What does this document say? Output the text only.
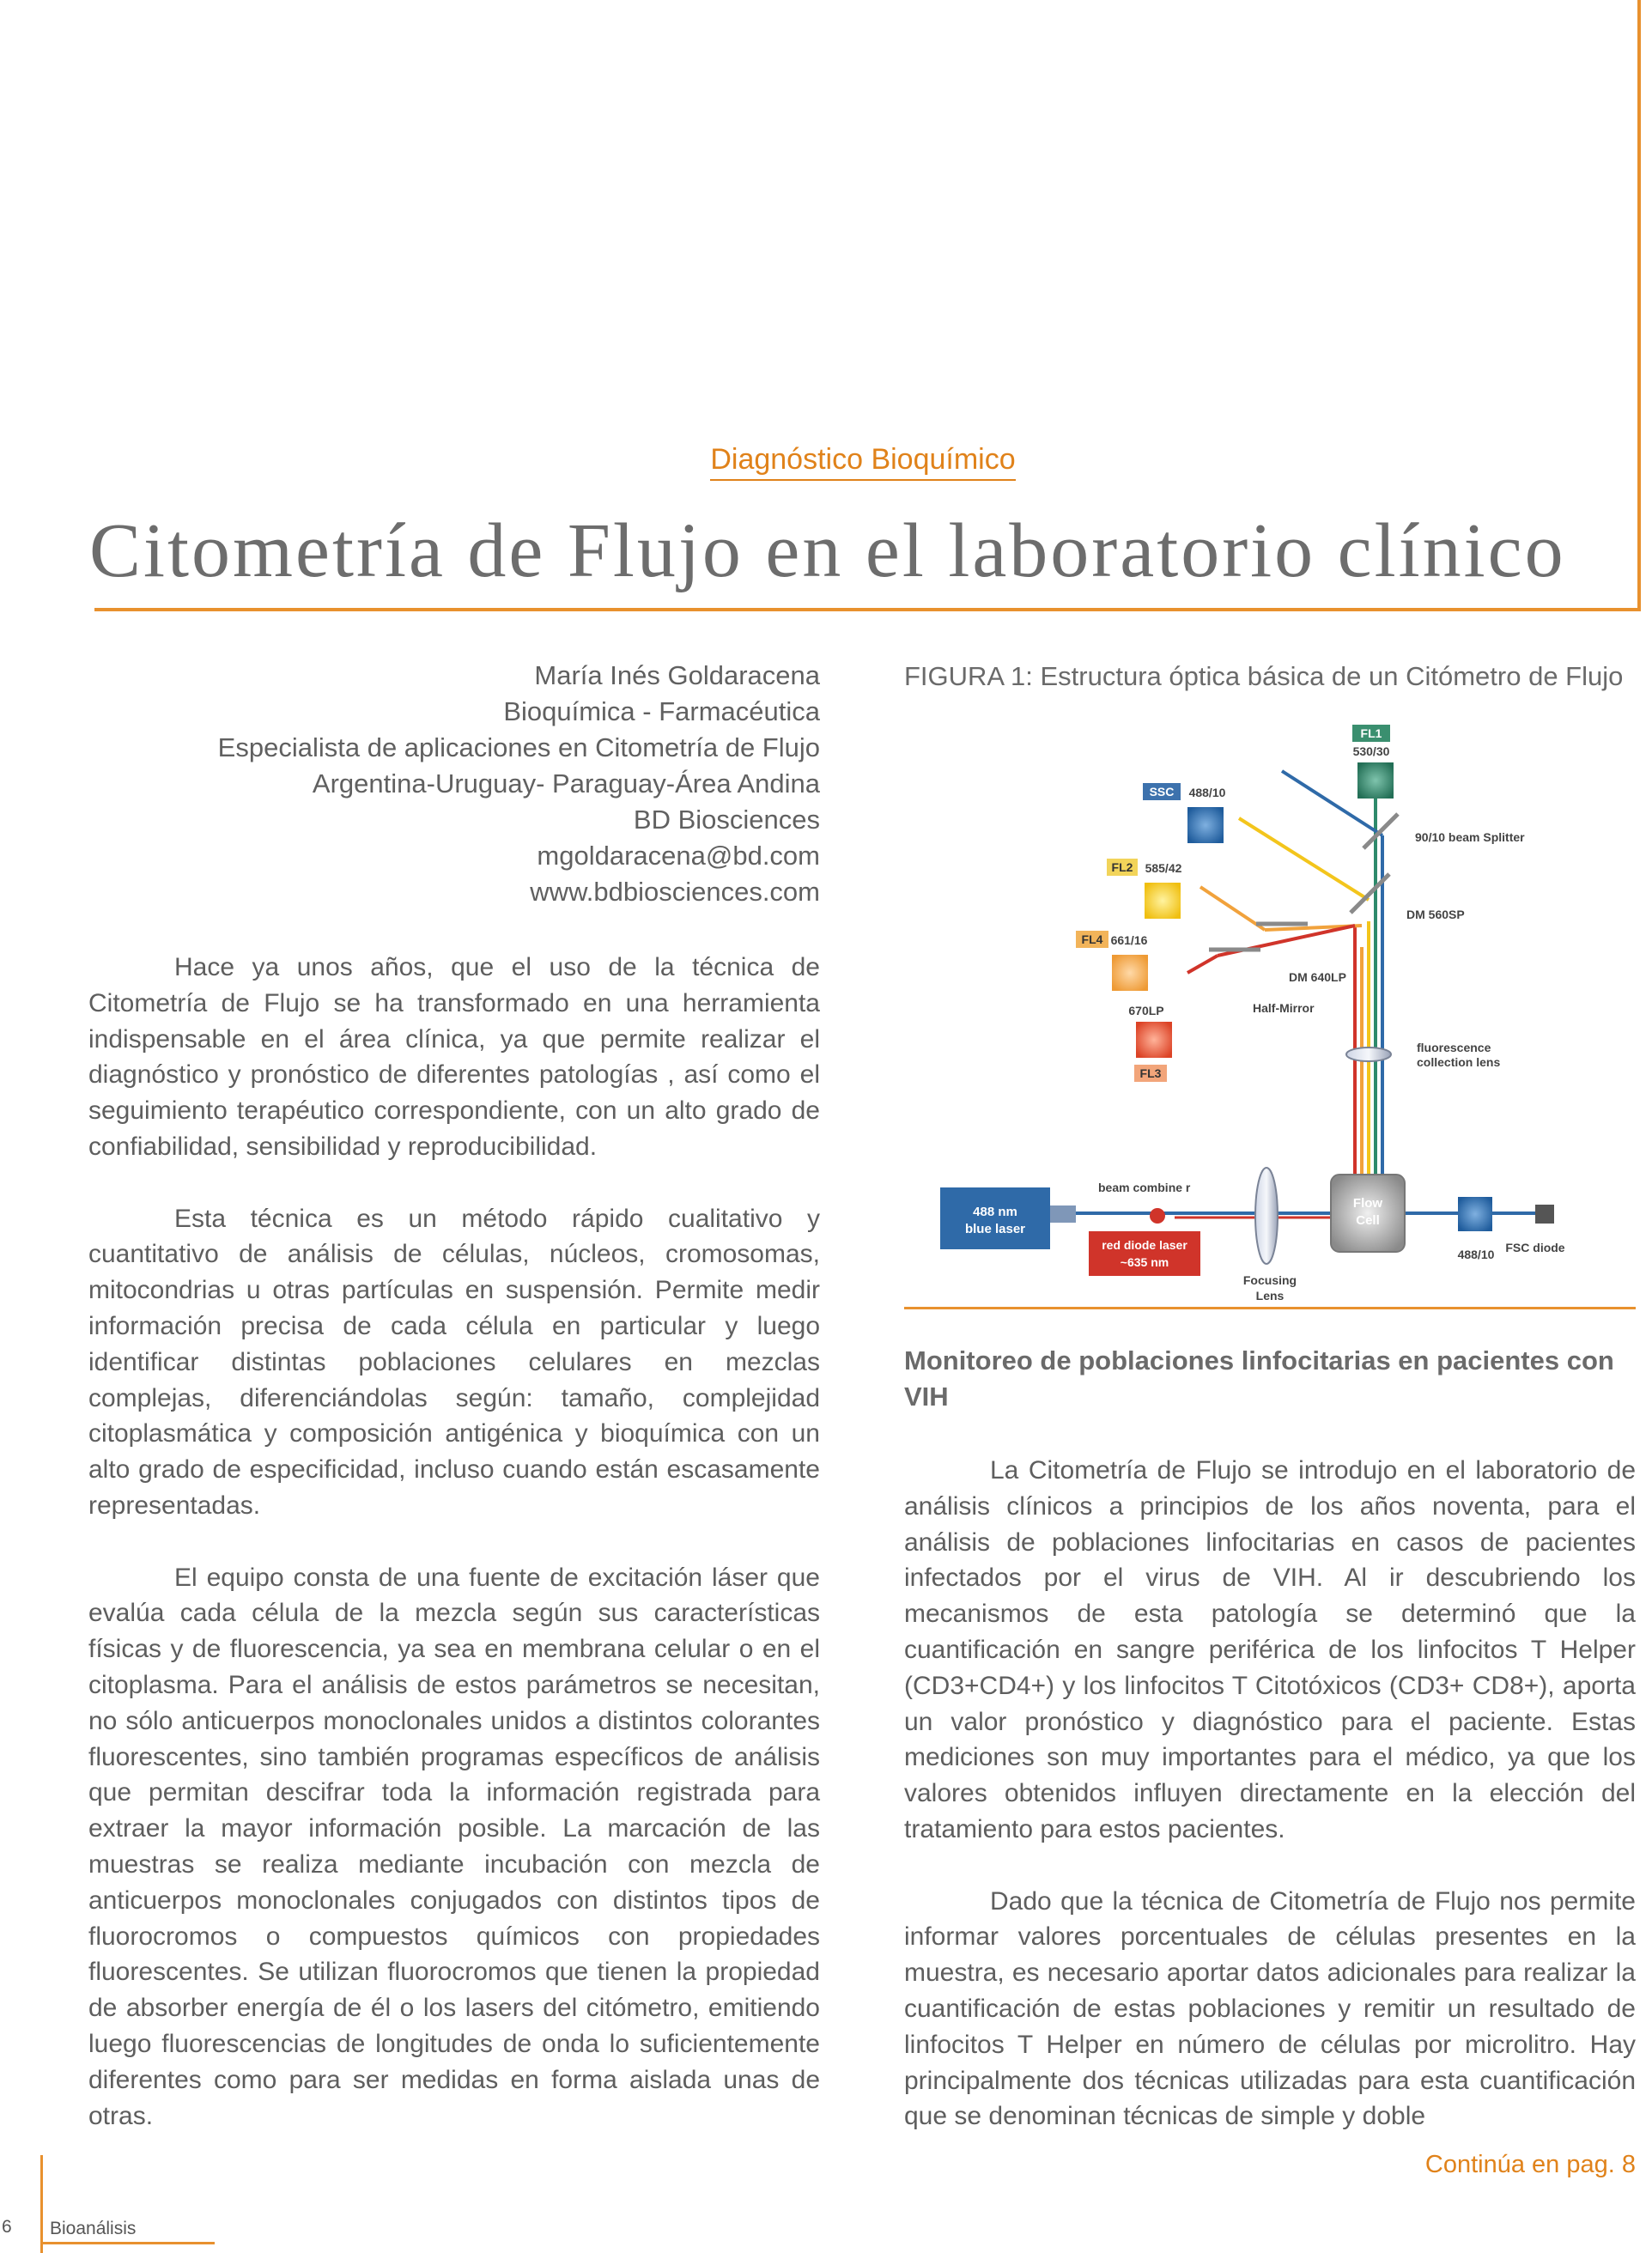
Diagnóstico Bioquímico
Citometría de Flujo en el laboratorio clínico
María Inés Goldaracena
Bioquímica - Farmacéutica
Especialista de aplicaciones en Citometría de Flujo
Argentina-Uruguay- Paraguay-Área Andina
BD Biosciences
mgoldaracena@bd.com
www.bdbiosciences.com

Hace ya unos años, que el uso de la técnica de Citometría de Flujo se ha transformado en una herramienta indispensable en el área clínica, ya que permite realizar el diagnóstico y pronóstico de diferentes patologías , así como el seguimiento terapéutico correspondiente, con un alto grado de confiabilidad, sensibilidad y reproducibilidad.

Esta técnica es un método rápido cualitativo y cuantitativo de análisis de células, núcleos, cromosomas, mitocondrias u otras partículas en suspensión. Permite medir información precisa de cada célula en particular y luego identificar distintas poblaciones celulares en mezclas complejas, diferenciándolas según: tamaño, complejidad citoplasmática y composición antigénica y bioquímica con un alto grado de especificidad, incluso cuando están escasamente representadas.

El equipo consta de una fuente de excitación láser que evalúa cada célula de la mezcla según sus características físicas y de fluorescencia, ya sea en membrana celular o en el citoplasma. Para el análisis de estos parámetros se necesitan, no sólo anticuerpos monoclonales unidos a distintos colorantes fluorescentes, sino también programas específicos de análisis que permitan descifrar toda la información registrada para extraer la mayor información posible. La marcación de las muestras se realiza mediante incubación con mezcla de anticuerpos monoclonales conjugados con distintos tipos de fluorocromos o compuestos químicos con propiedades fluorescentes. Se utilizan fluorocromos que tienen la propiedad de absorber energía de él o los lasers del citómetro, emitiendo luego fluorescencias de longitudes de onda lo suficientemente diferentes como para ser medidas en forma aislada unas de otras.

FIGURA 1: Estructura óptica básica de un Citómetro de Flujo
FL1
530/30
SSC 488/10
90/10 beam Splitter
FL2 585/42
DM 560SP
FL4 661/16
DM 640LP
Half-Mirror
670LP
FL3
fluorescence
collection lens
beam combine r
488 nm
blue laser
red diode laser
~635 nm
Focusing
Lens
Flow
Cell
488/10 FSC diode
Monitoreo de poblaciones linfocitarias en pacientes con VIH

La Citometría de Flujo se introdujo en el laboratorio de análisis clínicos a principios de los años noventa, para el análisis de poblaciones linfocitarias en casos de pacientes infectados por el virus de VIH. Al ir descubriendo los mecanismos de esta patología se determinó que la cuantificación en sangre periférica de los linfocitos T Helper (CD3+CD4+) y los linfocitos T Citotóxicos (CD3+ CD8+), aporta un valor pronóstico y diagnóstico para el paciente. Estas mediciones son muy importantes para el médico, ya que los valores obtenidos influyen directamente en la elección del tratamiento para estos pacientes.

Dado que la técnica de Citometría de Flujo nos permite informar valores porcentuales de células presentes en la muestra, es necesario aportar datos adicionales para realizar la cuantificación de estas poblaciones y remitir un resultado de linfocitos T Helper en número de células por microlitro. Hay principalmente dos técnicas utilizadas para esta cuantificación que se denominan técnicas de simple y doble

Continúa en pag. 8
6 Bioanálisis
